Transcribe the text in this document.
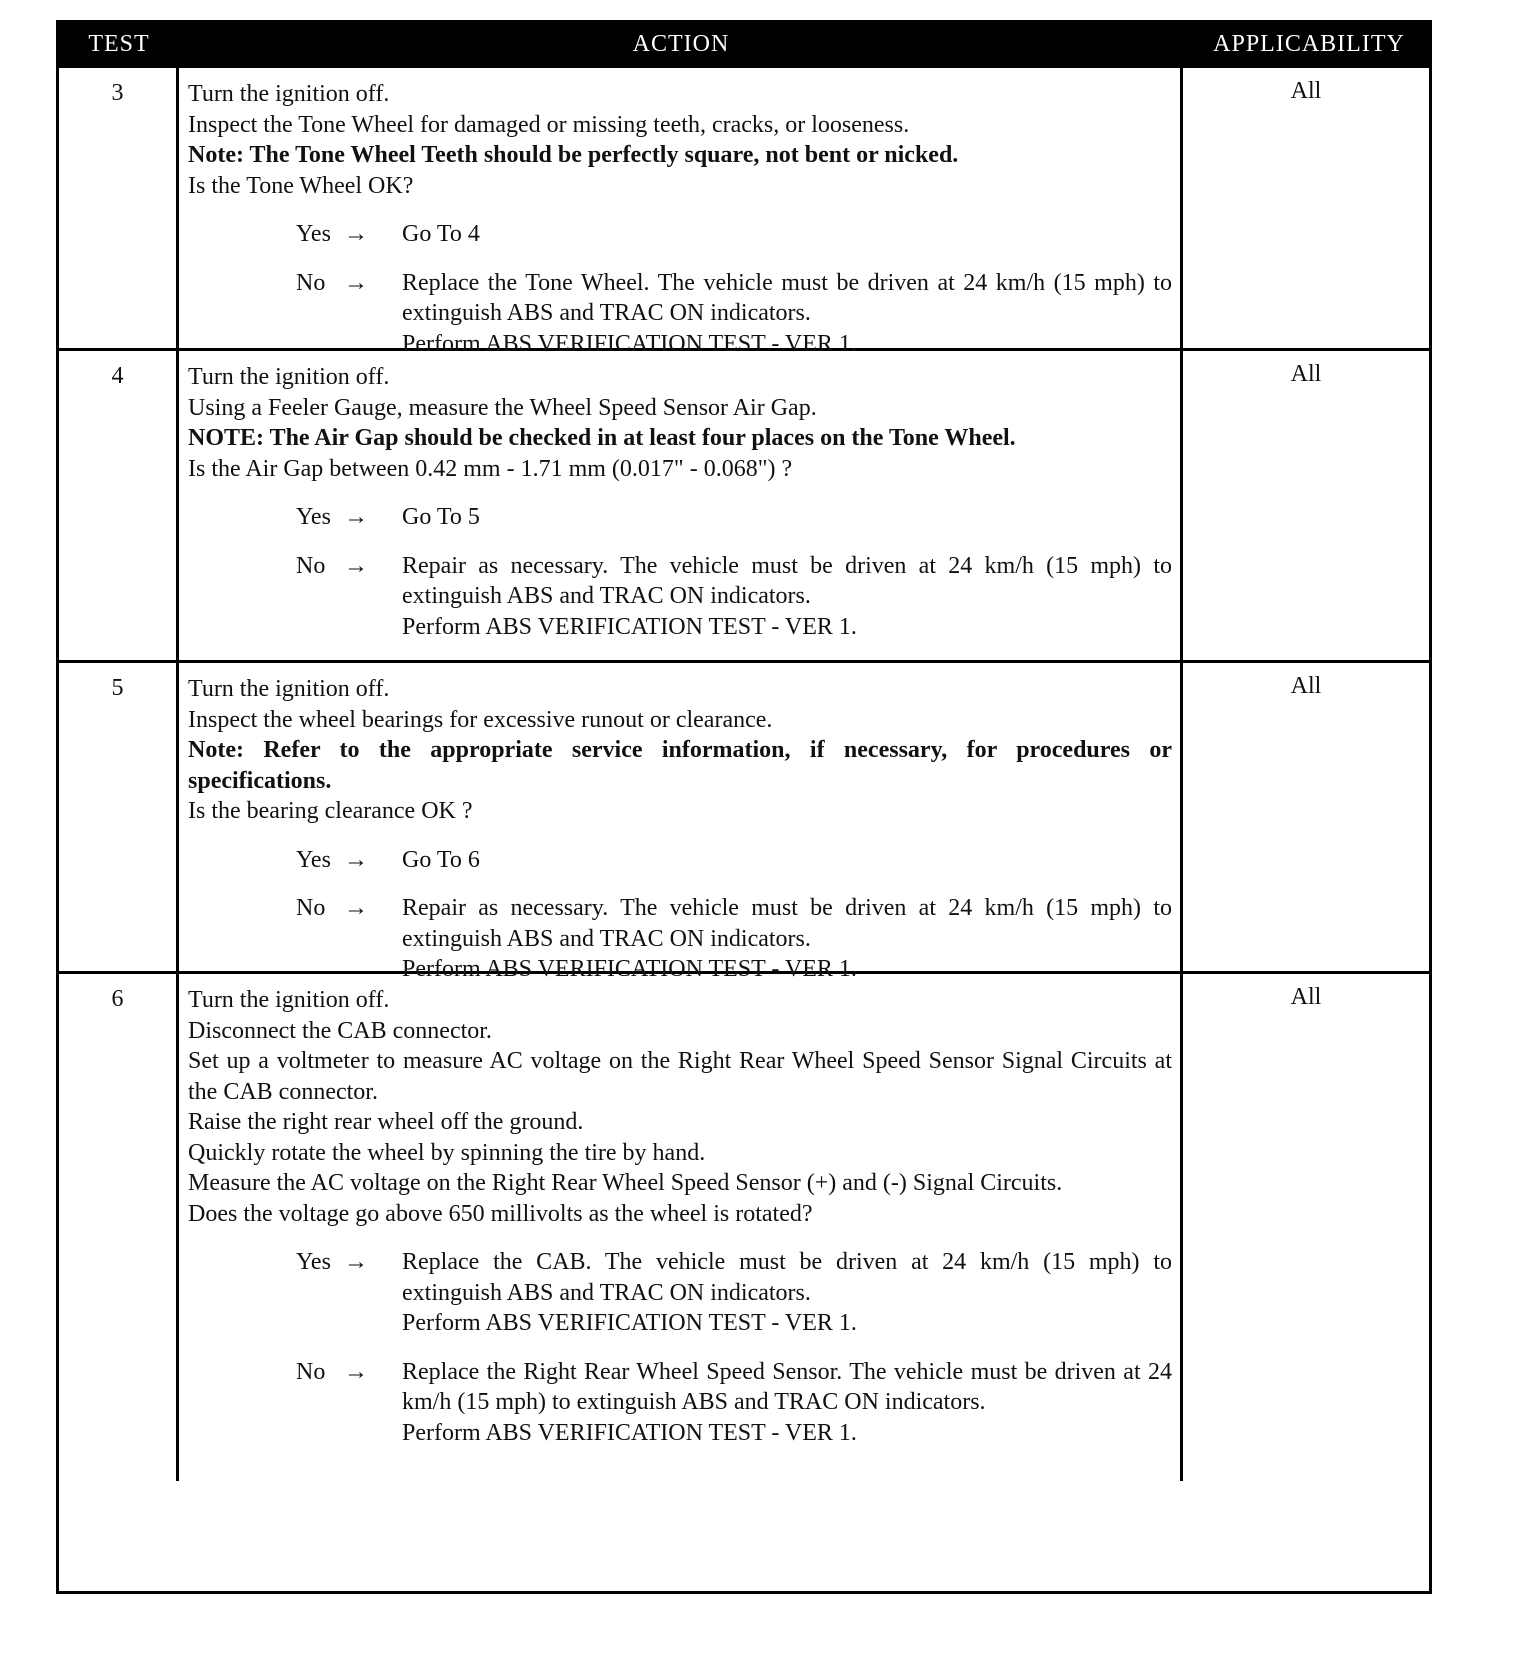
TEST	ACTION	APPLICABILITY
3	Turn the ignition off.
Inspect the Tone Wheel for damaged or missing teeth, cracks, or looseness.
Note: The Tone Wheel Teeth should be perfectly square, not bent or nicked.
Is the Tone Wheel OK?
Yes →	Go To 4
No →	Replace the Tone Wheel. The vehicle must be driven at 24 km/h (15 mph) to extinguish ABS and TRAC ON indicators.
Perform ABS VERIFICATION TEST - VER 1.
All
4	Turn the ignition off.
Using a Feeler Gauge, measure the Wheel Speed Sensor Air Gap.
NOTE: The Air Gap should be checked in at least four places on the Tone Wheel.
Is the Air Gap between 0.42 mm - 1.71 mm (0.017" - 0.068") ?
Yes →	Go To 5
No →	Repair as necessary. The vehicle must be driven at 24 km/h (15 mph) to extinguish ABS and TRAC ON indicators.
Perform ABS VERIFICATION TEST - VER 1.
All
5	Turn the ignition off.
Inspect the wheel bearings for excessive runout or clearance.
Note: Refer to the appropriate service information, if necessary, for procedures or specifications.
Is the bearing clearance OK ?
Yes →	Go To 6
No →	Repair as necessary. The vehicle must be driven at 24 km/h (15 mph) to extinguish ABS and TRAC ON indicators.
Perform ABS VERIFICATION TEST - VER 1.
All
6	Turn the ignition off.
Disconnect the CAB connector.
Set up a voltmeter to measure AC voltage on the Right Rear Wheel Speed Sensor Signal Circuits at the CAB connector.
Raise the right rear wheel off the ground.
Quickly rotate the wheel by spinning the tire by hand.
Measure the AC voltage on the Right Rear Wheel Speed Sensor (+) and (-) Signal Circuits.
Does the voltage go above 650 millivolts as the wheel is rotated?
Yes →	Replace the CAB. The vehicle must be driven at 24 km/h (15 mph) to extinguish ABS and TRAC ON indicators.
Perform ABS VERIFICATION TEST - VER 1.
No →	Replace the Right Rear Wheel Speed Sensor. The vehicle must be driven at 24 km/h (15 mph) to extinguish ABS and TRAC ON indicators.
Perform ABS VERIFICATION TEST - VER 1.
All
